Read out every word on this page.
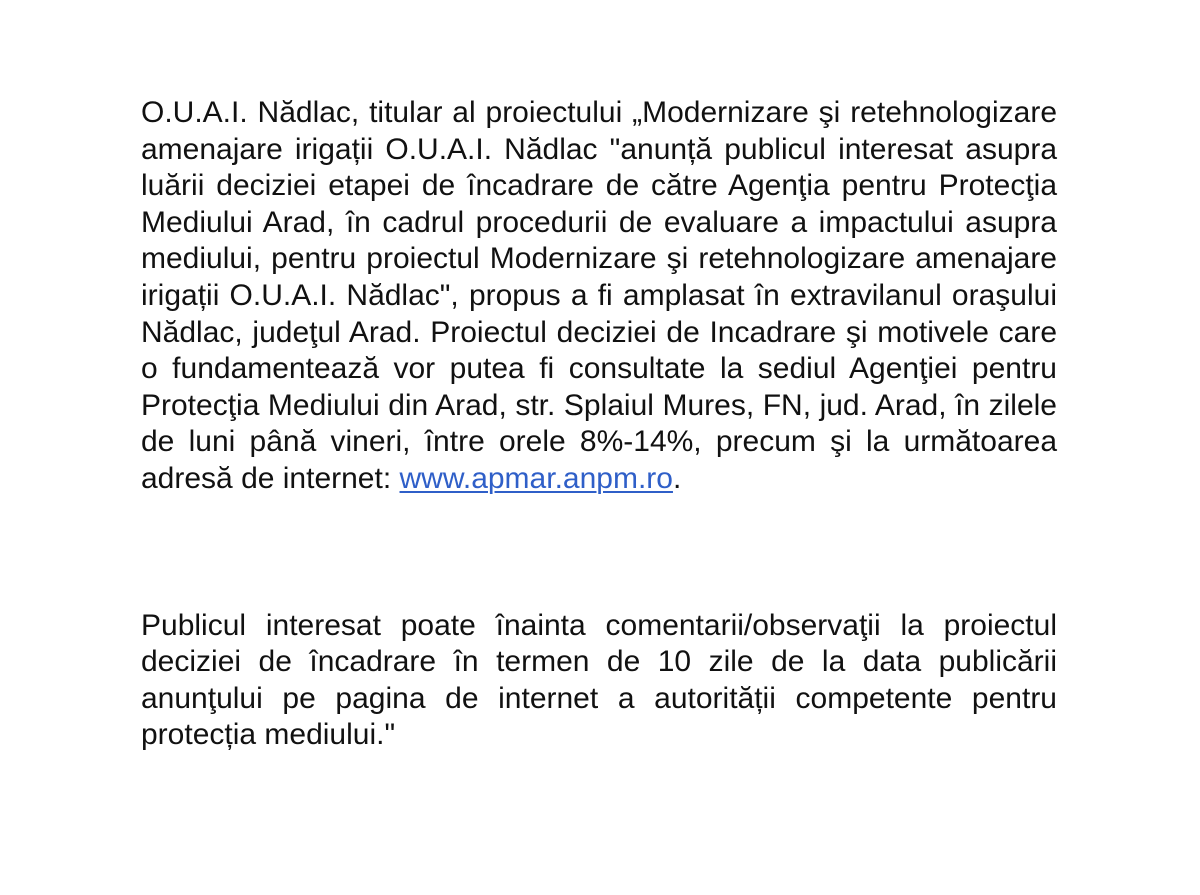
O.U.A.I. Nădlac, titular al proiectului „Modernizare şi retehnologizare amenajare irigații O.U.A.I. Nădlac "anunță publicul interesat asupra luării deciziei etapei de încadrare de către Agenţia pentru Protecţia Mediului Arad, în cadrul procedurii de evaluare a impactului asupra mediului, pentru proiectul Modernizare şi retehnologizare amenajare irigații O.U.A.I. Nădlac", propus a fi amplasat în extravilanul oraşului Nădlac, judeţul Arad. Proiectul deciziei de Incadrare şi motivele care o fundamentează vor putea fi consultate la sediul Agenţiei pentru Protecţia Mediului din Arad, str. Splaiul Mures, FN, jud. Arad, în zilele de luni până vineri, între orele 8%-14%, precum şi la următoarea adresă de internet: www.apmar.anpm.ro.

Publicul interesat poate înainta comentarii/observaţii la proiectul deciziei de încadrare în termen de 10 zile de la data publicării anunţului pe pagina de internet a autorității competente pentru protecția mediului."
